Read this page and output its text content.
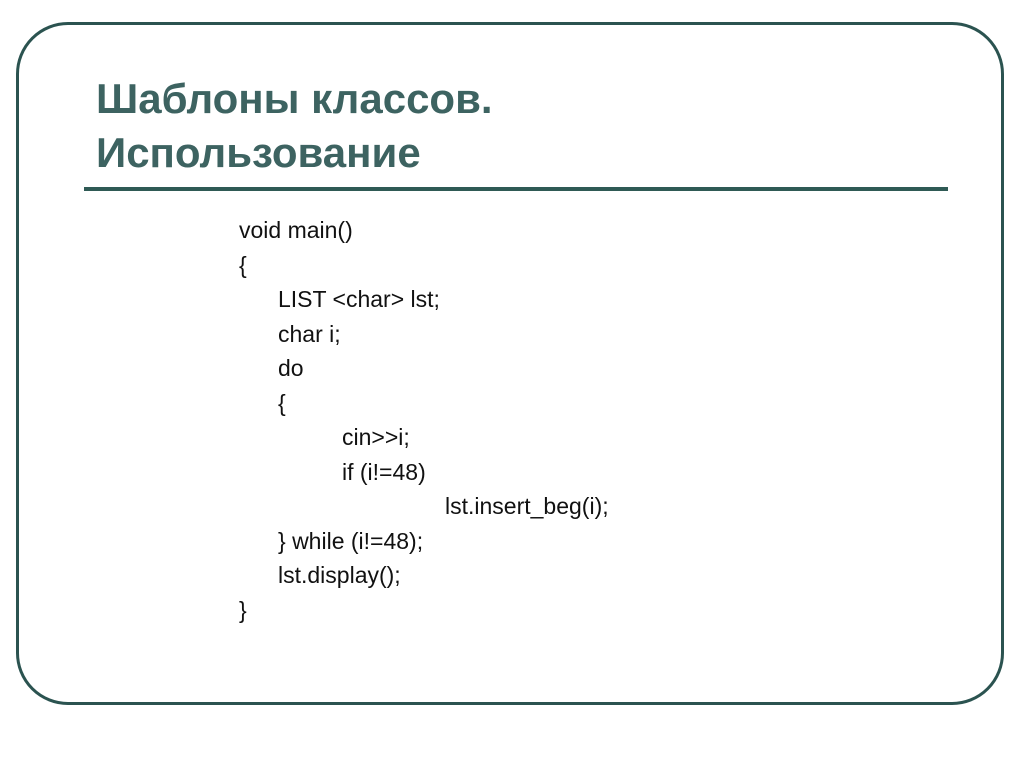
Шаблоны классов.
Использование
void main()
{
LIST <char> lst;
char i;
do
{
cin>>i;
if (i!=48)
lst.insert_beg(i);
} while (i!=48);
lst.display();
}
